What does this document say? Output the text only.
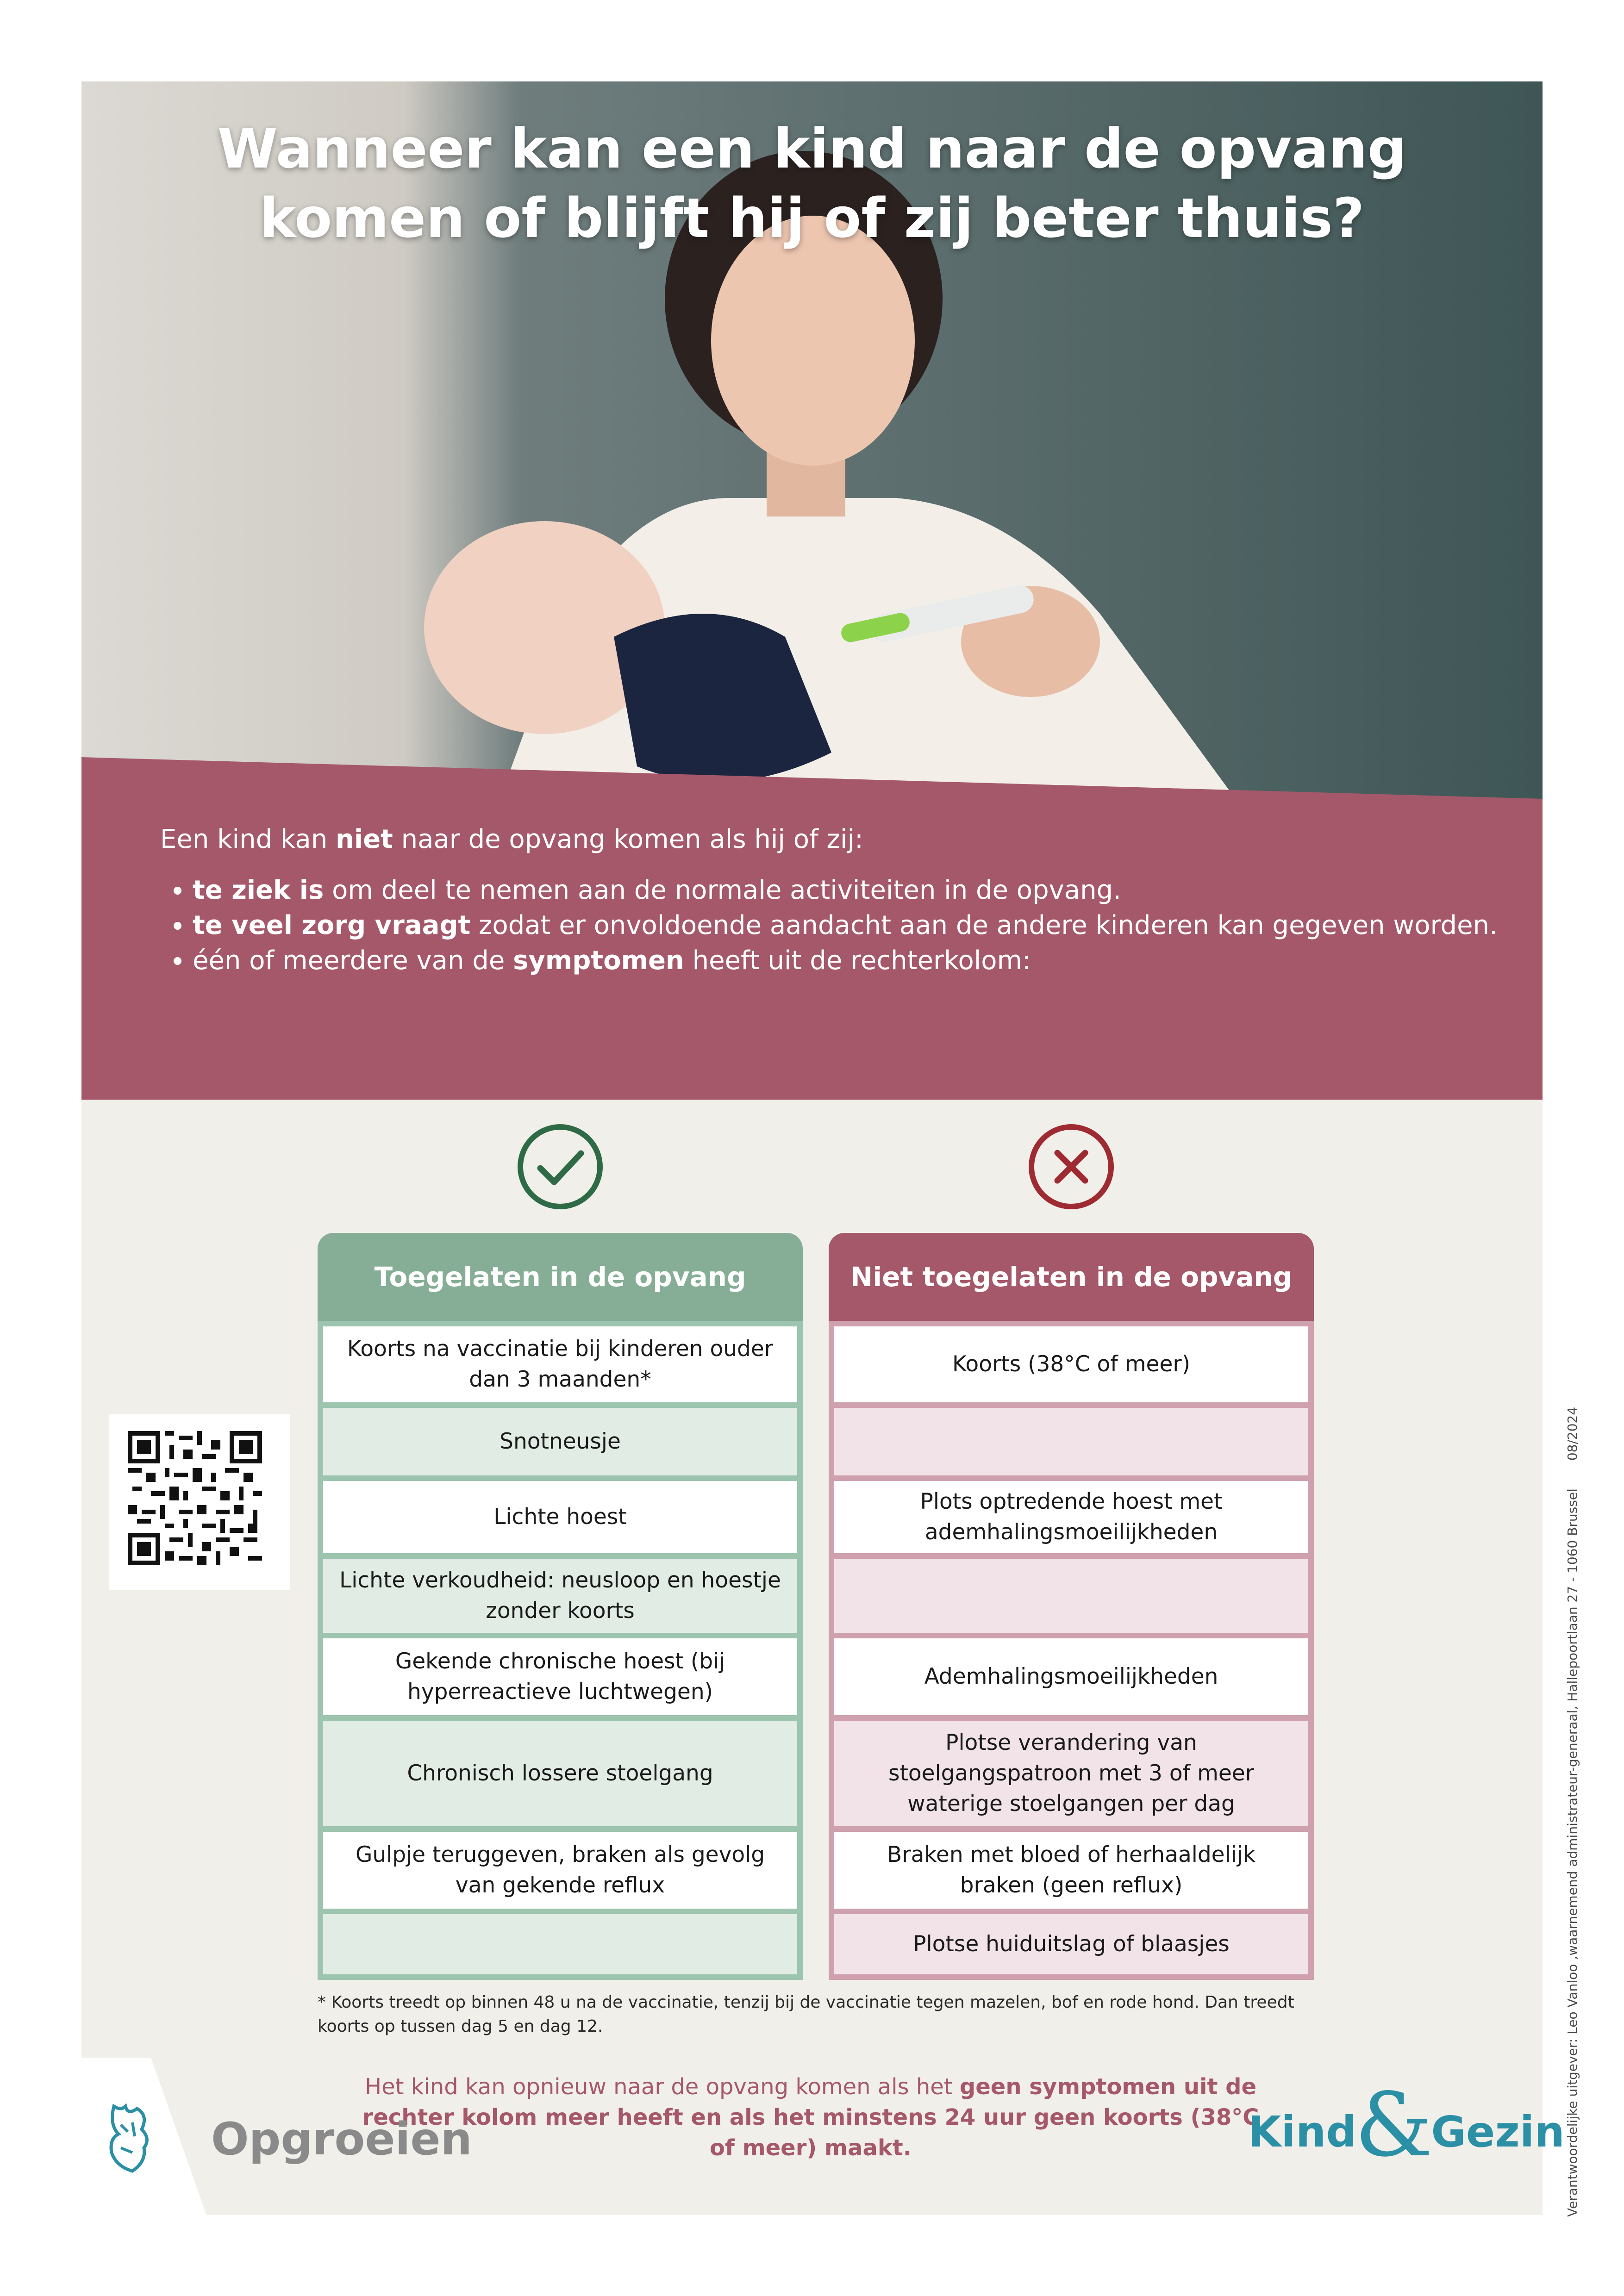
Wanneer kan een kind naar de opvang
komen of blijft hij of zij beter thuis?

Een kind kan niet naar de opvang komen als hij of zij:

• te ziek is om deel te nemen aan de normale activiteiten in de opvang.
• te veel zorg vraagt zodat er onvoldoende aandacht aan de andere kinderen kan gegeven worden.
• één of meerdere van de symptomen heeft uit de rechterkolom:
Toegelaten in de opvang
Koorts na vaccinatie bij kinderen ouder dan 3 maanden*
Snotneusje
Lichte hoest
Lichte verkoudheid: neusloop en hoestje zonder koorts
Gekende chronische hoest (bij hyperreactieve luchtwegen)
Chronisch lossere stoelgang
Gulpje teruggeven, braken als gevolg van gekende reflux
Niet toegelaten in de opvang
Koorts (38°C of meer)
Plots optredende hoest met ademhalingsmoeilijkheden
Ademhalingsmoeilijkheden
Plotse verandering van stoelgangspatroon met 3 of meer waterige stoelgangen per dag
Braken met bloed of herhaaldelijk braken (geen reflux)
Plotse huiduitslag of blaasjes
* Koorts treedt op binnen 48 u na de vaccinatie, tenzij bij de vaccinatie tegen mazelen, bof en rode hond. Dan treedt koorts op tussen dag 5 en dag 12.
Het kind kan opnieuw naar de opvang komen als het geen symptomen uit de rechter kolom meer heeft en als het minstens 24 uur geen koorts (38°C of meer) maakt.
Opgroeien	Kind
&
Gezin Verantwoordelijke uitgever: Leo Vanloo ,waarnemend administrateur-generaal, Hallepoortlaan 27 - 1060 Brussel08/2024
